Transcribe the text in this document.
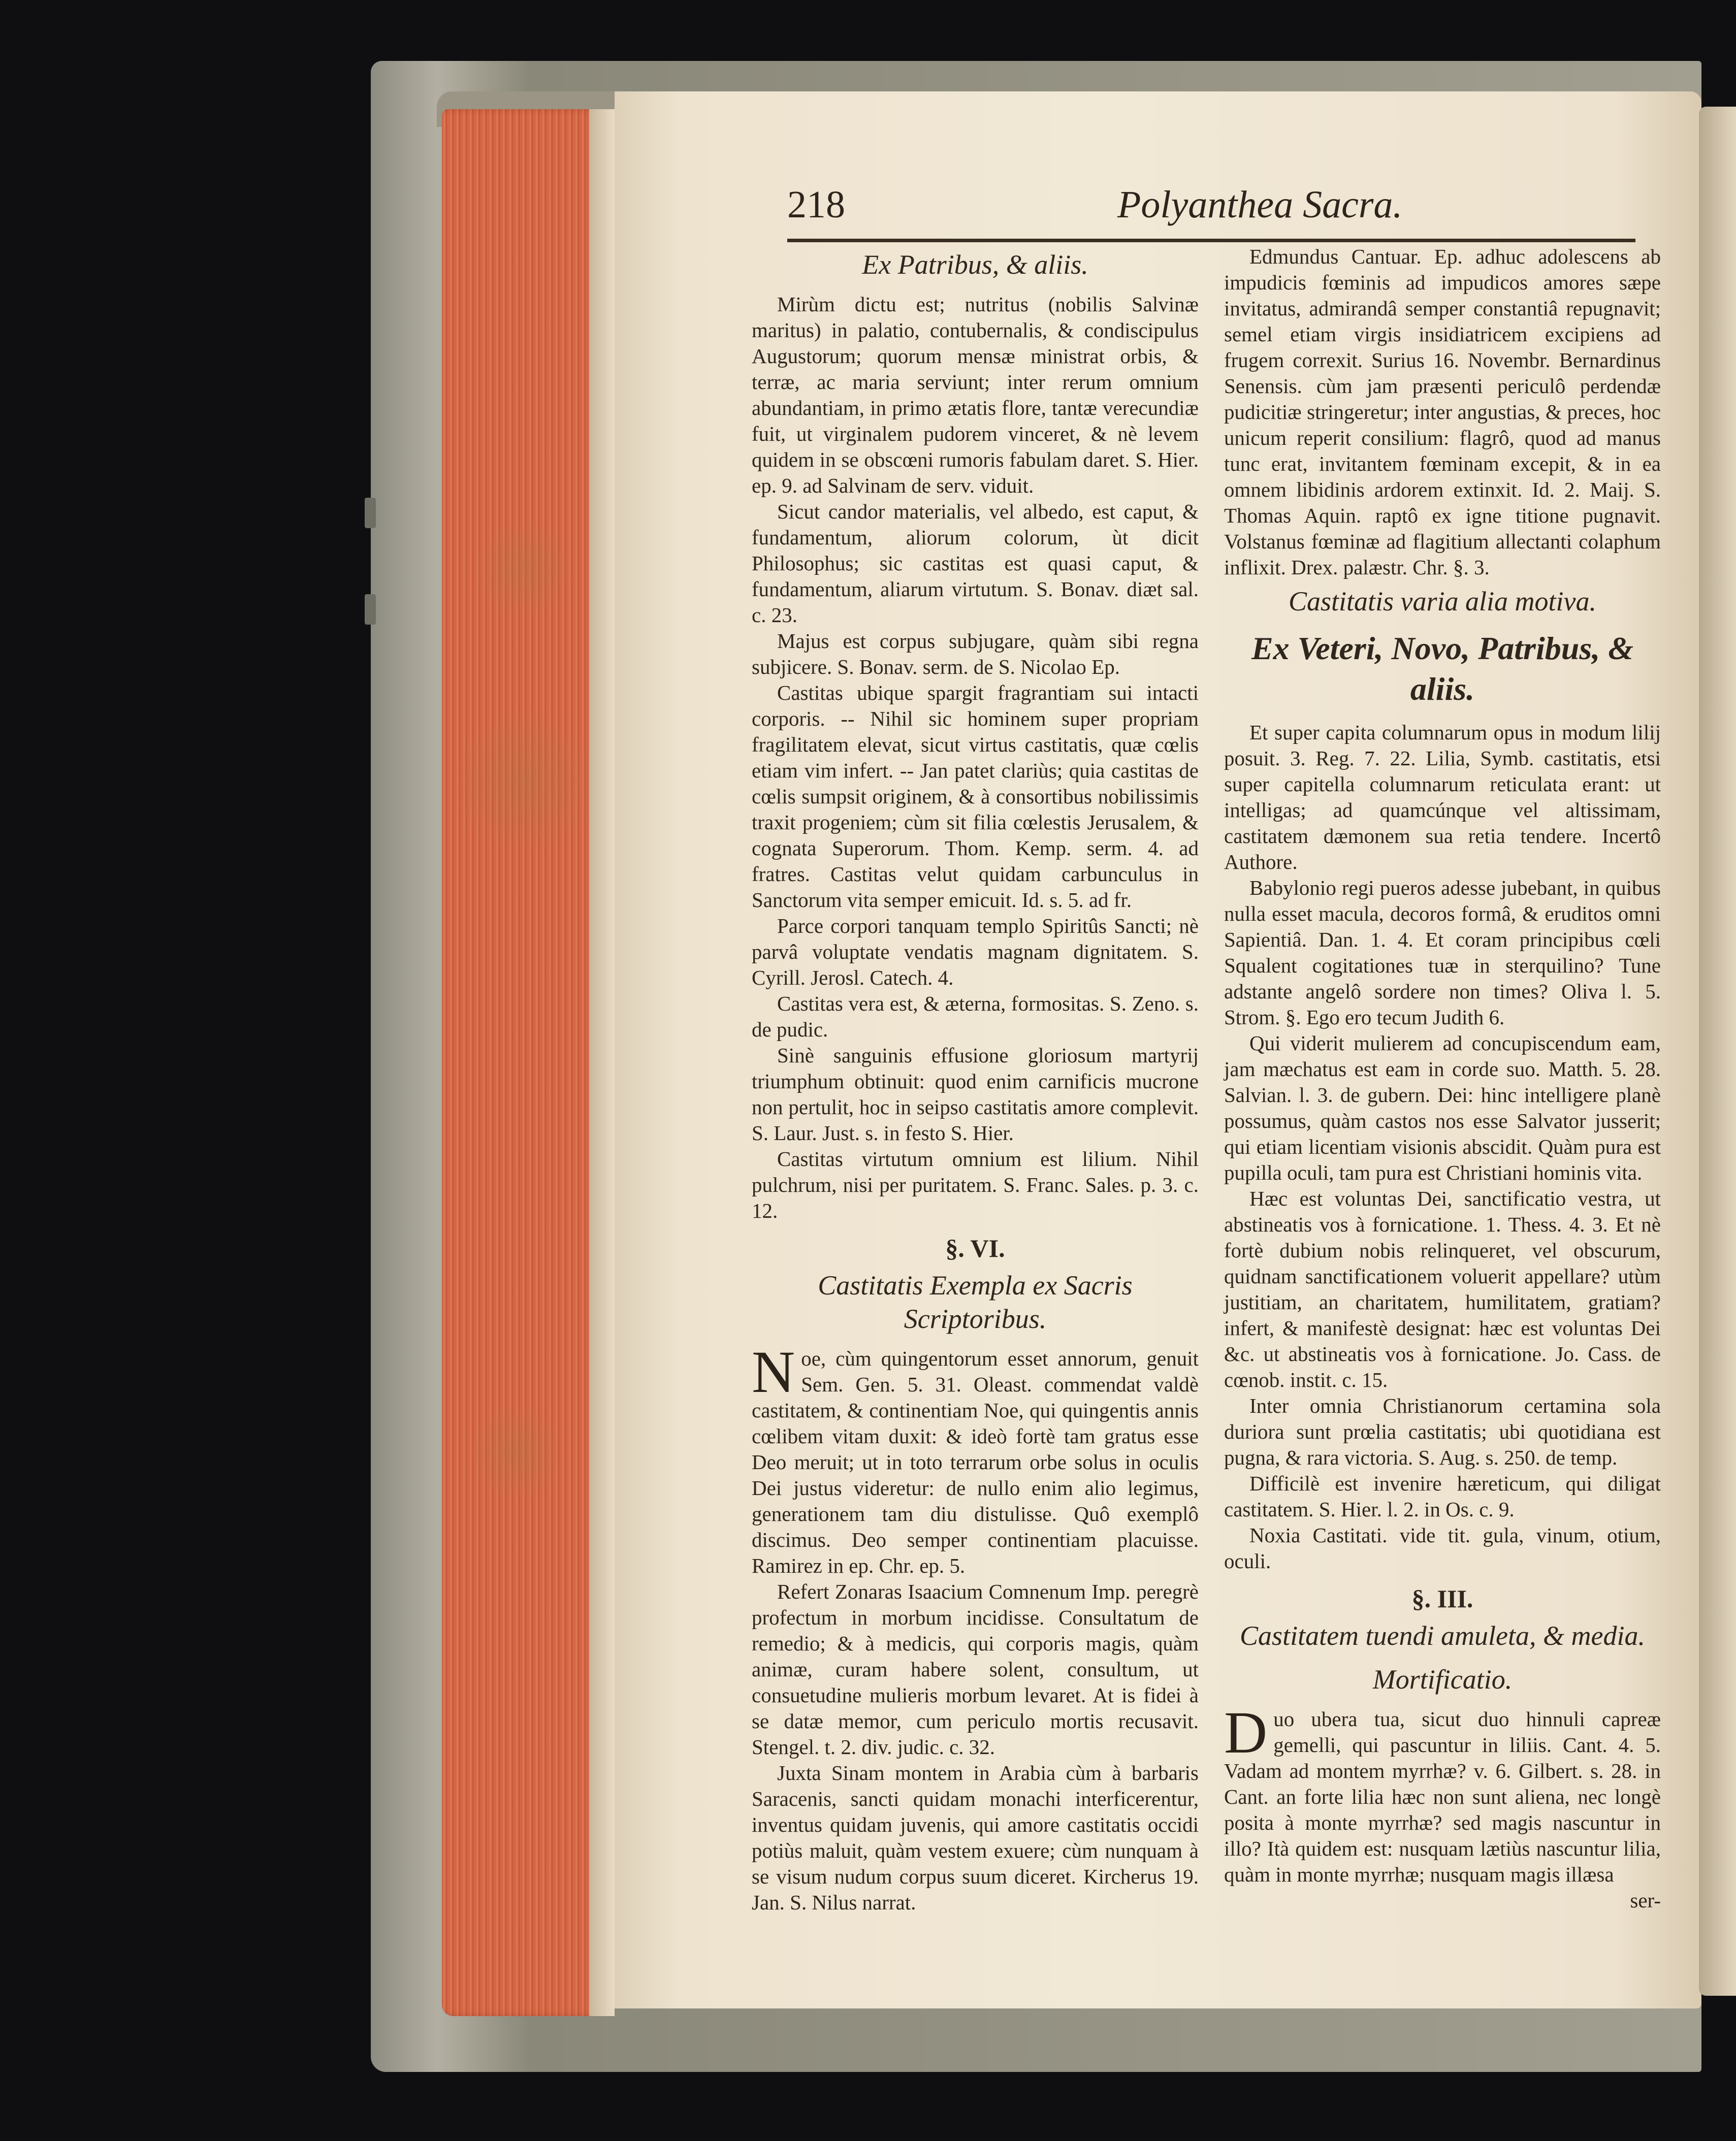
218	Polyanthea Sacra.
Ex Patribus, & aliis.

Mirùm dictu est; nutritus (nobilis Salvinæ maritus) in palatio, contubernalis, & condiscipulus Augustorum; quorum mensæ ministrat orbis, & terræ, ac maria serviunt; inter rerum omnium abundantiam, in primo ætatis flore, tantæ verecundiæ fuit, ut virginalem pudorem vinceret, & nè levem quidem in se obscœni rumoris fabulam daret. S. Hier. ep. 9. ad Salvinam de serv. viduit.

Sicut candor materialis, vel albedo, est caput, & fundamentum, aliorum colorum, ùt dicit Philosophus; sic castitas est quasi caput, & fundamentum, aliarum virtutum. S. Bonav. diæt sal. c. 23.

Majus est corpus subjugare, quàm sibi regna subjicere. S. Bonav. serm. de S. Nicolao Ep.

Castitas ubique spargit fragrantiam sui intacti corporis. -- Nihil sic hominem super propriam fragilitatem elevat, sicut virtus castitatis, quæ cœlis etiam vim infert. -- Jan patet clariùs; quia castitas de cœlis sumpsit originem, & à consortibus nobilissimis traxit progeniem; cùm sit filia cœlestis Jerusalem, & cognata Superorum. Thom. Kemp. serm. 4. ad fratres. Castitas velut quidam carbunculus in Sanctorum vita semper emicuit. Id. s. 5. ad fr.

Parce corpori tanquam templo Spiritûs Sancti; nè parvâ voluptate vendatis magnam dignitatem. S. Cyrill. Jerosl. Catech. 4.

Castitas vera est, & æterna, formositas. S. Zeno. s. de pudic.

Sinè sanguinis effusione gloriosum martyrij triumphum obtinuit: quod enim carnificis mucrone non pertulit, hoc in seipso castitatis amore complevit. S. Laur. Just. s. in festo S. Hier.

Castitas virtutum omnium est lilium. Nihil pulchrum, nisi per puritatem. S. Franc. Sales. p. 3. c. 12.

§. VI.
Castitatis Exempla ex Sacris Scriptoribus.

Noe, cùm quingentorum esset annorum, genuit Sem. Gen. 5. 31. Oleast. commendat valdè castitatem, & continentiam Noe, qui quingentis annis cœlibem vitam duxit: & ideò fortè tam gratus esse Deo meruit; ut in toto terrarum orbe solus in oculis Dei justus videretur: de nullo enim alio legimus, generationem tam diu distulisse. Quô exemplô discimus. Deo semper continentiam placuisse. Ramirez in ep. Chr. ep. 5.

Refert Zonaras Isaacium Comnenum Imp. peregrè profectum in morbum incidisse. Consultatum de remedio; & à medicis, qui corporis magis, quàm animæ, curam habere solent, consultum, ut consuetudine mulieris morbum levaret. At is fidei à se datæ memor, cum periculo mortis recusavit. Stengel. t. 2. div. judic. c. 32.

Juxta Sinam montem in Arabia cùm à barbaris Saracenis, sancti quidam monachi interficerentur, inventus quidam juvenis, qui amore castitatis occidi potiùs maluit, quàm vestem exuere; cùm nunquam à se visum nudum corpus suum diceret. Kircherus 19. Jan. S. Nilus narrat.

Edmundus Cantuar. Ep. adhuc adolescens ab impudicis fœminis ad impudicos amores sæpe invitatus, admirandâ semper constantiâ repugnavit; semel etiam virgis insidiatricem excipiens ad frugem correxit. Surius 16. Novembr. Bernardinus Senensis. cùm jam præsenti periculô perdendæ pudicitiæ stringeretur; inter angustias, & preces, hoc unicum reperit consilium: flagrô, quod ad manus tunc erat, invitantem fœminam excepit, & in ea omnem libidinis ardorem extinxit. Id. 2. Maij. S. Thomas Aquin. raptô ex igne titione pugnavit. Volstanus fœminæ ad flagitium allectanti colaphum inflixit. Drex. palæstr. Chr. §. 3.

Castitatis varia alia motiva.
Ex Veteri, Novo, Patribus, & aliis.

Et super capita columnarum opus in modum lilij posuit. 3. Reg. 7. 22. Lilia, Symb. castitatis, etsi super capitella columnarum reticulata erant: ut intelligas; ad quamcúnque vel altissimam, castitatem dæmonem sua retia tendere. Incertô Authore.

Babylonio regi pueros adesse jubebant, in quibus nulla esset macula, decoros formâ, & eruditos omni Sapientiâ. Dan. 1. 4. Et coram principibus cœli Squalent cogitationes tuæ in sterquilino? Tune adstante angelô sordere non times? Oliva l. 5. Strom. §. Ego ero tecum Judith 6.

Qui viderit mulierem ad concupiscendum eam, jam mæchatus est eam in corde suo. Matth. 5. 28. Salvian. l. 3. de gubern. Dei: hinc intelligere planè possumus, quàm castos nos esse Salvator jusserit; qui etiam licentiam visionis abscidit. Quàm pura est pupilla oculi, tam pura est Christiani hominis vita.

Hæc est voluntas Dei, sanctificatio vestra, ut abstineatis vos à fornicatione. 1. Thess. 4. 3. Et nè fortè dubium nobis relinqueret, vel obscurum, quidnam sanctificationem voluerit appellare? utùm justitiam, an charitatem, humilitatem, gratiam? infert, & manifestè designat: hæc est voluntas Dei &c. ut abstineatis vos à fornicatione. Jo. Cass. de cœnob. instit. c. 15.

Inter omnia Christianorum certamina sola duriora sunt prœlia castitatis; ubi quotidiana est pugna, & rara victoria. S. Aug. s. 250. de temp.

Difficilè est invenire hæreticum, qui diligat castitatem. S. Hier. l. 2. in Os. c. 9.

Noxia Castitati. vide tit. gula, vinum, otium, oculi.

§. III.
Castitatem tuendi amuleta, & media.
Mortificatio.

Duo ubera tua, sicut duo hinnuli capreæ gemelli, qui pascuntur in liliis. Cant. 4. 5. Vadam ad montem myrrhæ? v. 6. Gilbert. s. 28. in Cant. an forte lilia hæc non sunt aliena, nec longè posita à monte myrrhæ? sed magis nascuntur in illo? Ità quidem est: nusquam lætiùs nascuntur lilia, quàm in monte myrrhæ; nusquam magis illæsa

ser-
